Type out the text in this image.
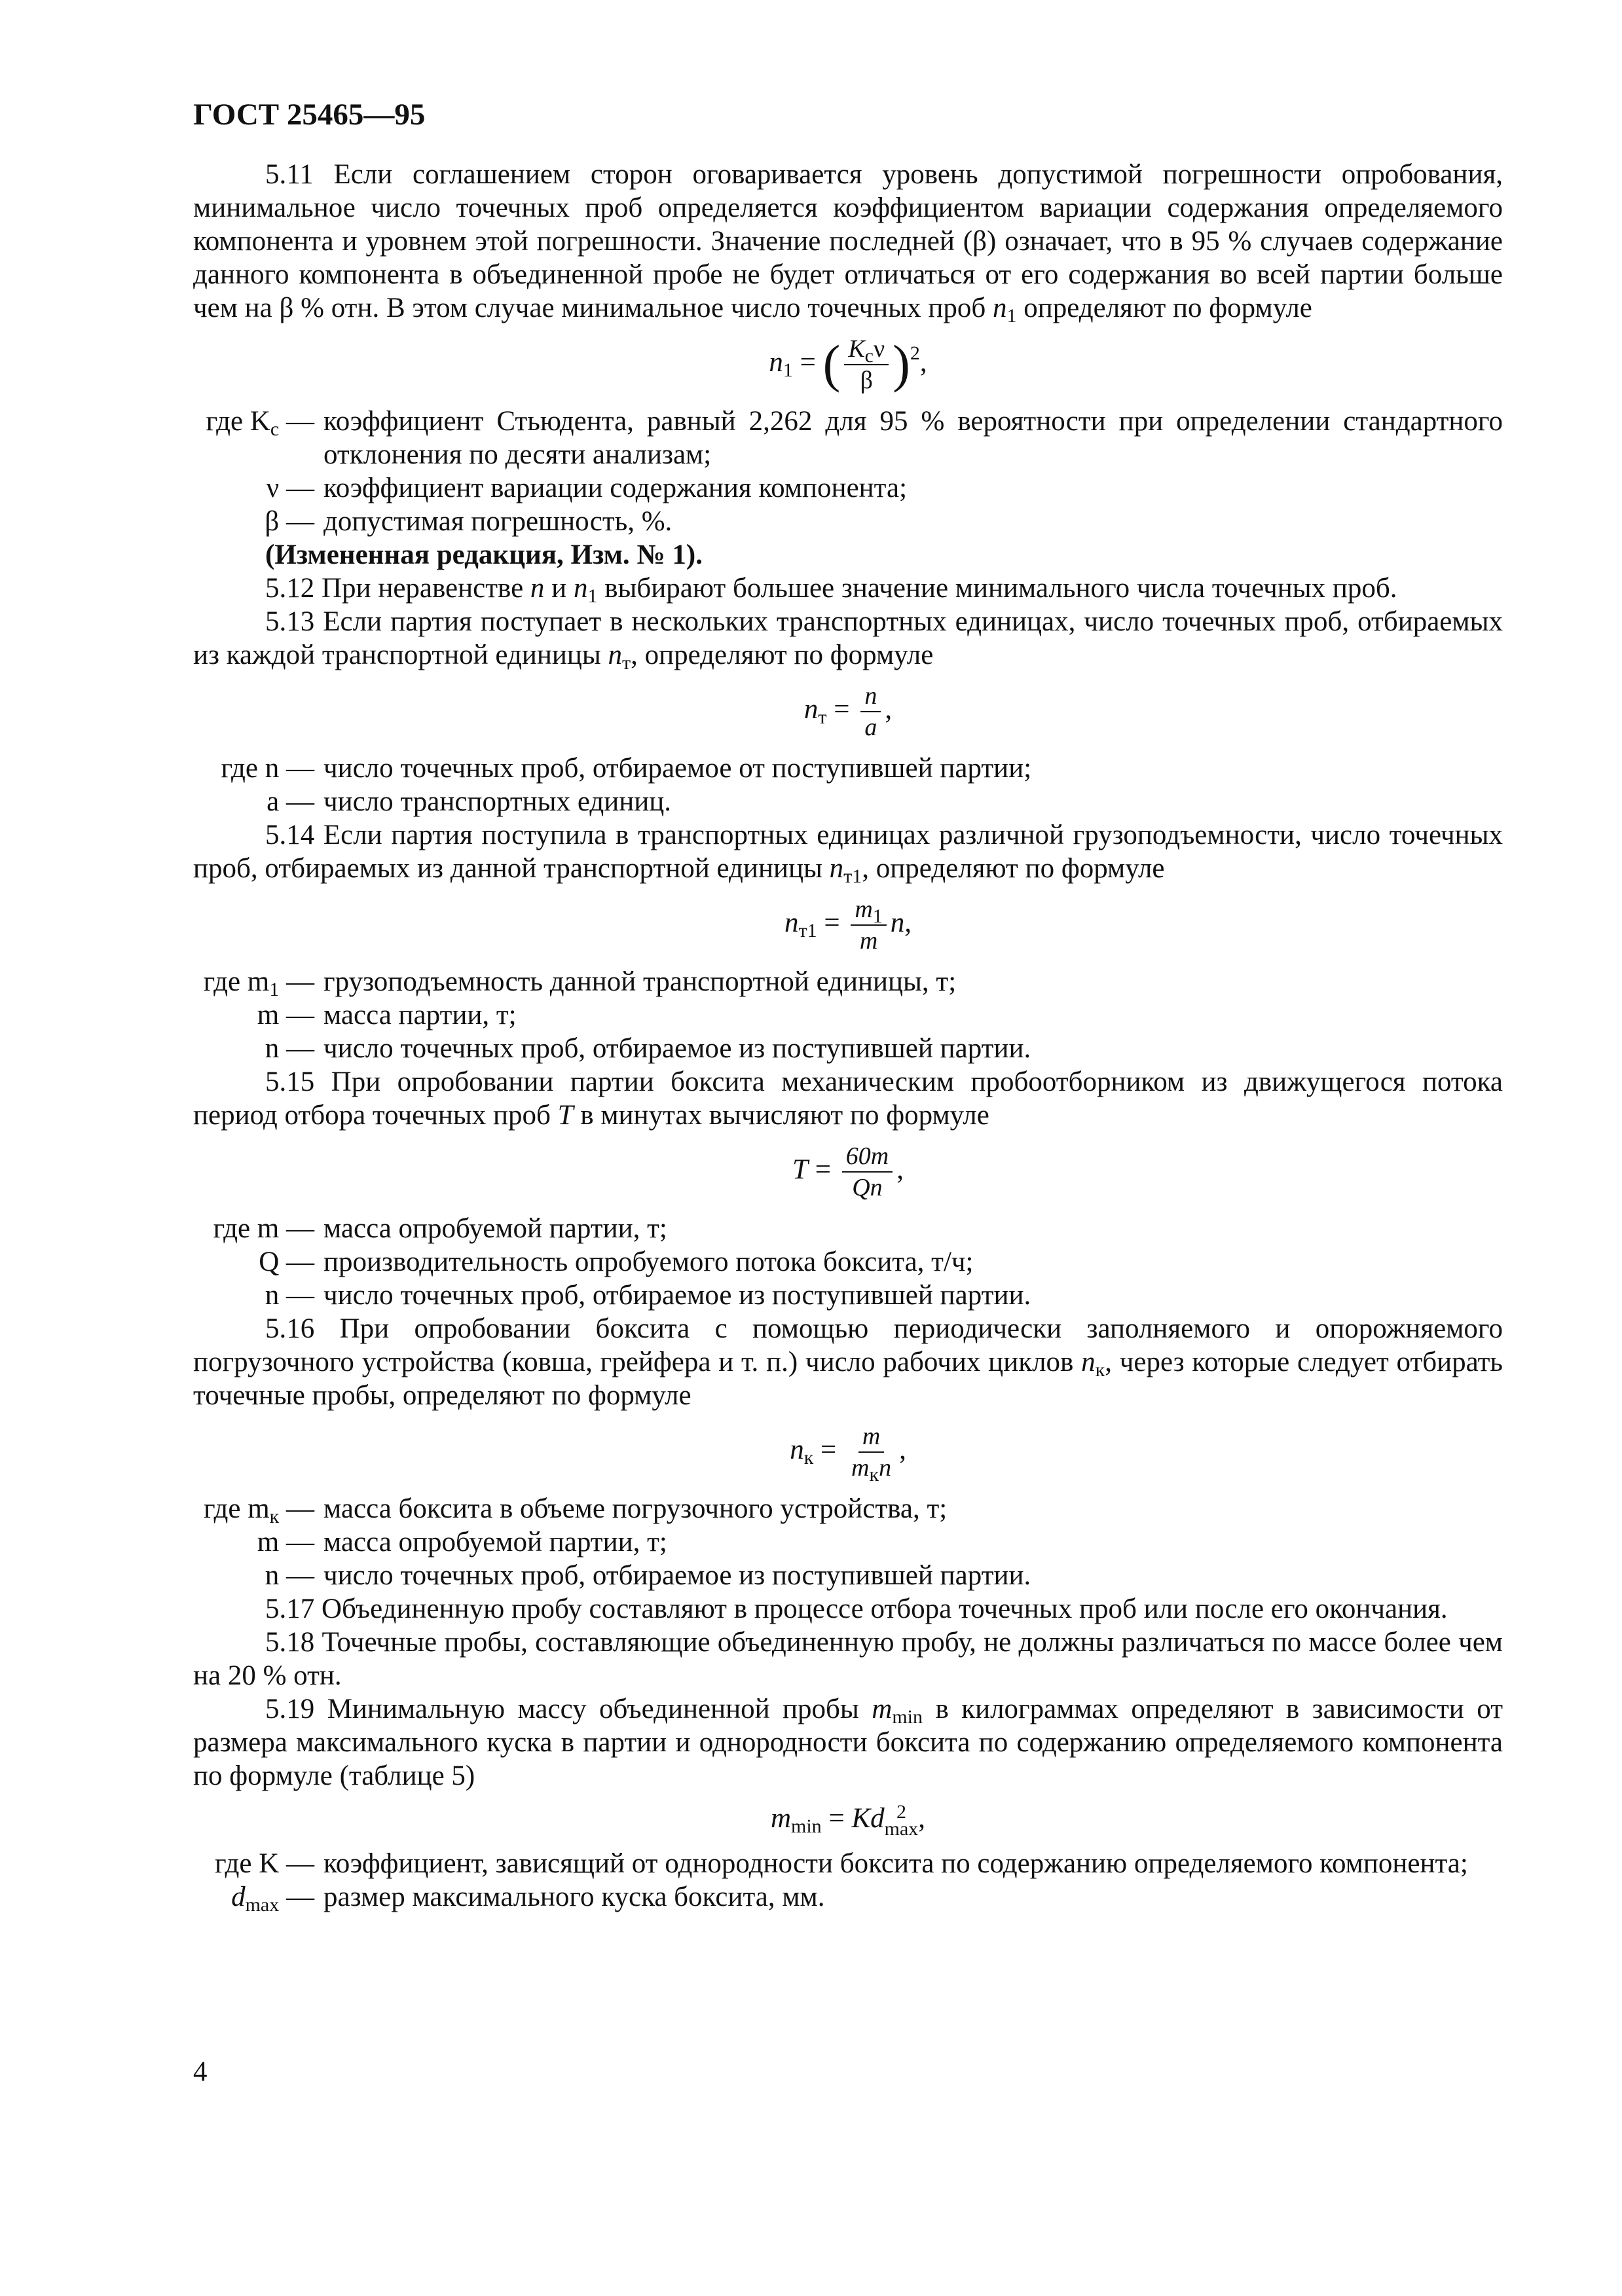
ГОСТ 25465—95

5.11 Если соглашением сторон оговаривается уровень допустимой погрешности опробования, минимальное число точечных проб определяется коэффициентом вариации содержания определяемого компонента и уровнем этой погрешности. Значение последней (β) означает, что в 95 % случаев содержание данного компонента в объединенной пробе не будет отличаться от его содержания во всей партии больше чем на β % отн. В этом случае минимальное число точечных проб $n_1$ определяют по формуле

$n_1$ = ( $\frac{K_c\nu}{\beta} )^2$,
где $K_c$ — коэффициент Стьюдента, равный 2,262 для 95 % вероятности при определении стандартного отклонения по десяти анализам;
ν — коэффициент вариации содержания компонента;
β — допустимая погрешность, %.

(Измененная редакция, Изм. № 1).

5.12 При неравенстве n и $n_1$ выбирают большее значение минимального числа точечных проб.

5.13 Если партия поступает в нескольких транспортных единицах, число точечных проб, отбираемых из каждой транспортной единицы $n_т$, определяют по формуле

$n_т = \frac{n}{a}$ ,
где n — число точечных проб, отбираемое от поступившей партии;
a — число транспортных единиц.

5.14 Если партия поступила в транспортных единицах различной грузоподъемности, число точечных проб, отбираемых из данной транспортной единицы $n_{т1}$, определяют по формуле

$n_{т1} = \frac{m_1}{m} n$,
где $m_1$ — грузоподъемность данной транспортной единицы, т;
m — масса партии, т;
n — число точечных проб, отбираемое из поступившей партии.

5.15 При опробовании партии боксита механическим пробоотборником из движущегося потока период отбора точечных проб T в минутах вычисляют по формуле

$T = \frac{60m}{Qn}$ ,
где m — масса опробуемой партии, т;
Q — производительность опробуемого потока боксита, т/ч;
n — число точечных проб, отбираемое из поступившей партии.

5.16 При опробовании боксита с помощью периодически заполняемого и опорожняемого погрузочного устройства (ковша, грейфера и т. п.) число рабочих циклов $n_к$, через которые следует отбирать точечные пробы, определяют по формуле

$n_к = \frac{m}{m_кn}$ ,
где $m_к$ — масса боксита в объеме погрузочного устройства, т;
m — масса опробуемой партии, т;
n — число точечных проб, отбираемое из поступившей партии.

5.17 Объединенную пробу составляют в процессе отбора точечных проб или после его окончания.

5.18 Точечные пробы, составляющие объединенную пробу, не должны различаться по массе более чем на 20 % отн.

5.19 Минимальную массу объединенной пробы $m_{min}$ в килограммах определяют в зависимости от размера максимального куска в партии и однородности боксита по содержанию определяемого компонента по формуле (таблице 5)

$m_{min} = Kd$ 2
max ,
где K — коэффициент, зависящий от однородности боксита по содержанию определяемого компонента;
$d_{max}$ — размер максимального куска боксита, мм.
4
